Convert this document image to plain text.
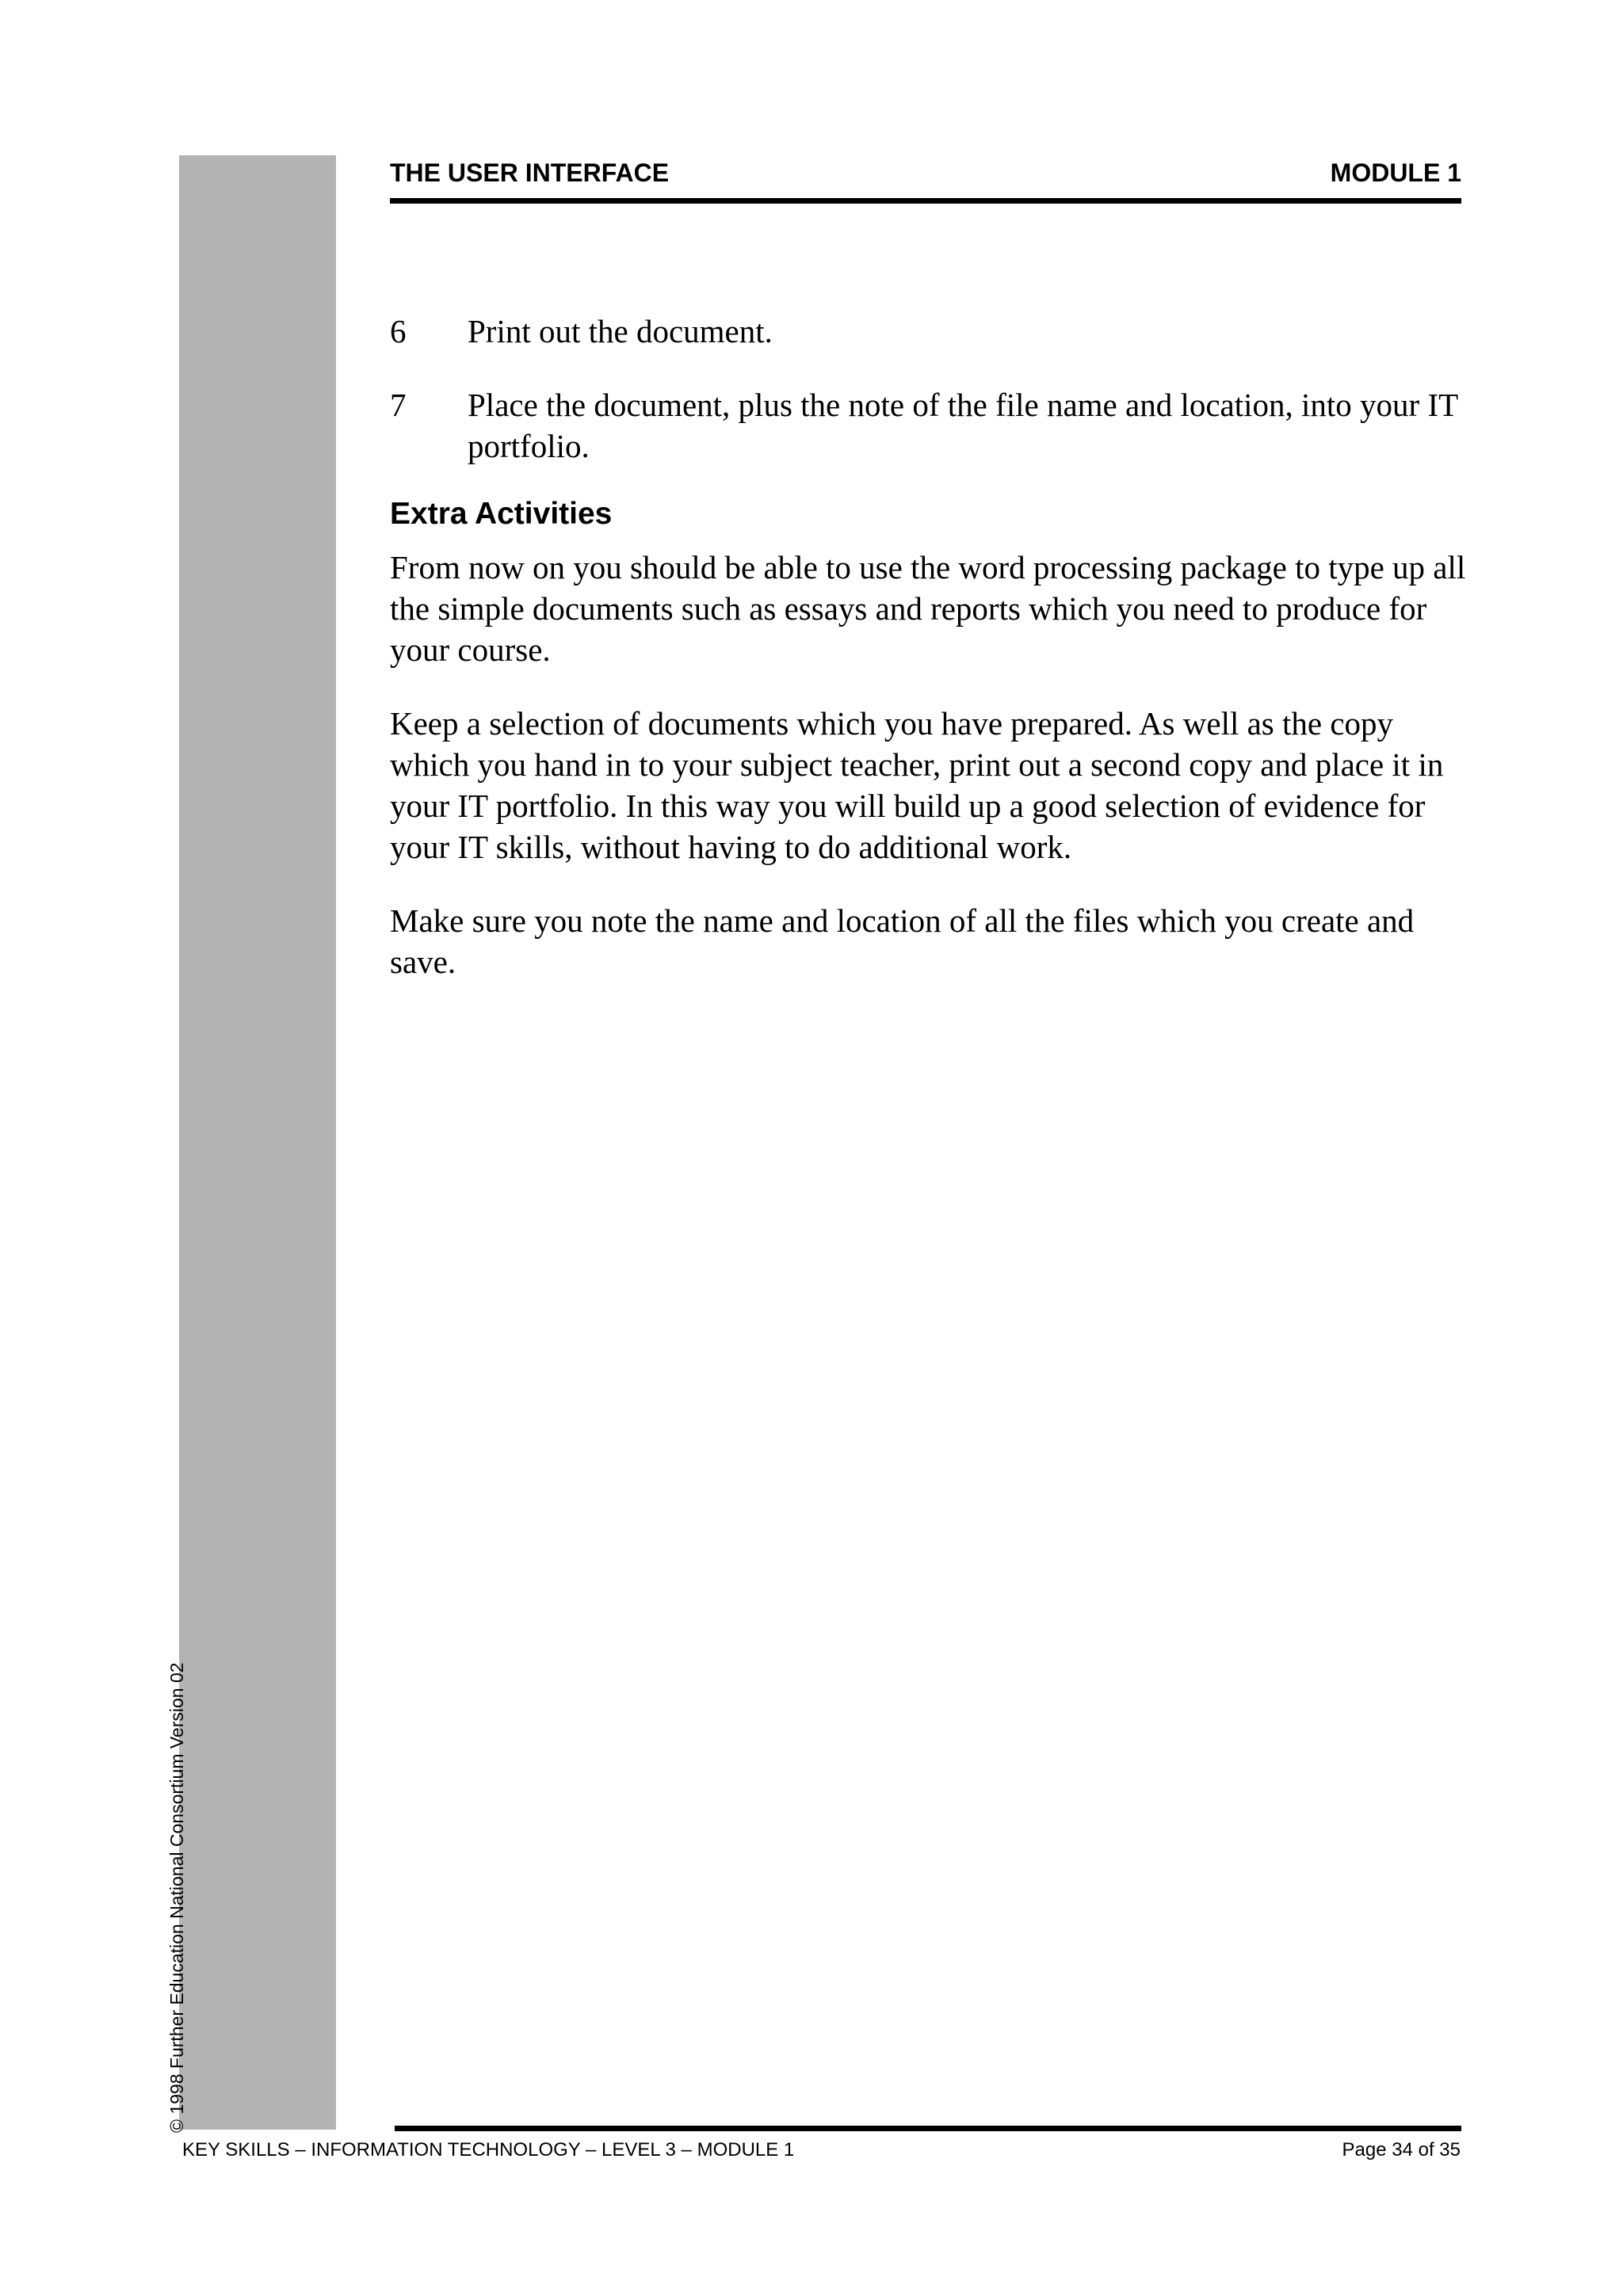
© 1998 Further Education National Consortium Version 02
THE USER INTERFACE	MODULE 1
6 Print out the document.
7 Place the document, plus the note of the file name and location, into your IT portfolio.
Extra Activities

From now on you should be able to use the word processing package to type up all the simple documents such as essays and reports which you need to produce for your course.

Keep a selection of documents which you have prepared. As well as the copy which you hand in to your subject teacher, print out a second copy and place it in your IT portfolio. In this way you will build up a good selection of evidence for your IT skills, without having to do additional work.

Make sure you note the name and location of all the files which you create and save.

KEY SKILLS – INFORMATION TECHNOLOGY – LEVEL 3 – MODULE 1	Page 34 of 35
